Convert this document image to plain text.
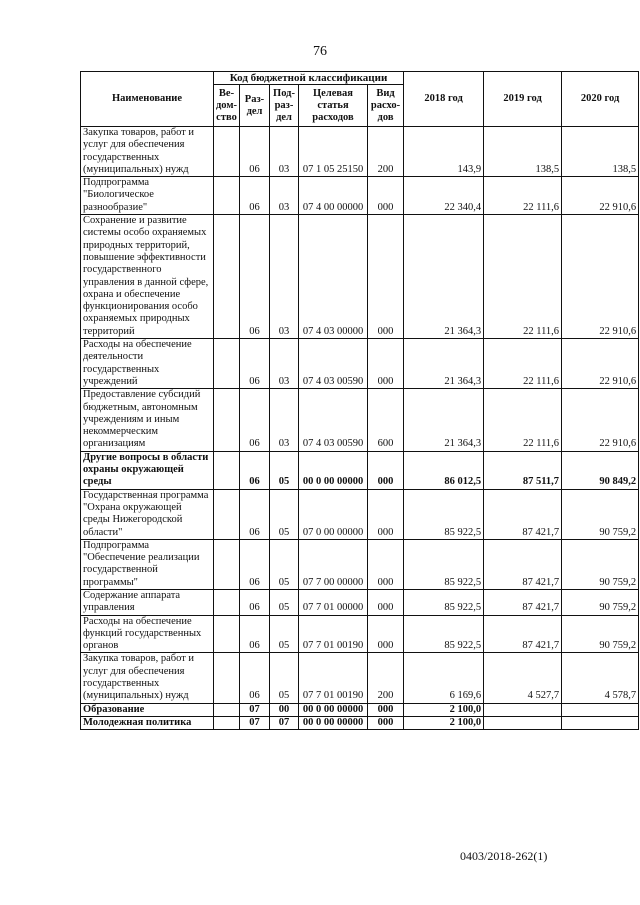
76
Наименование	Код бюджетной классификации					2018 год	2019 год	2020 год
	Ве-дом-ство	Раз-дел	Под-раз-дел	Целевая статья расходов	Вид расхо-дов			
Закупка товаров, работ и услуг для обеспечения государственных (муниципальных) нужд		06	03	07 1 05 25150	200	143,9	138,5	138,5
Подпрограмма "Биологическое разнообразие"		06	03	07 4 00 00000	000	22 340,4	22 111,6	22 910,6
Сохранение и развитие системы особо охраняемых природных территорий, повышение эффективности государственного управления в данной сфере, охрана и обеспечение функционирования особо охраняемых природных территорий		06	03	07 4 03 00000	000	21 364,3	22 111,6	22 910,6
Расходы на обеспечение деятельности государственных учреждений		06	03	07 4 03 00590	000	21 364,3	22 111,6	22 910,6
Предоставление субсидий бюджетным, автономным учреждениям и иным некоммерческим организациям		06	03	07 4 03 00590	600	21 364,3	22 111,6	22 910,6
Другие вопросы в области охраны окружающей среды		06	05	00 0 00 00000	000	86 012,5	87 511,7	90 849,2
Государственная программа "Охрана окружающей среды Нижегородской области"		06	05	07 0 00 00000	000	85 922,5	87 421,7	90 759,2
Подпрограмма "Обеспечение реализации государственной программы"		06	05	07 7 00 00000	000	85 922,5	87 421,7	90 759,2
Содержание аппарата управления		06	05	07 7 01 00000	000	85 922,5	87 421,7	90 759,2
Расходы на обеспечение функций государственных органов		06	05	07 7 01 00190	000	85 922,5	87 421,7	90 759,2
Закупка товаров, работ и услуг для обеспечения государственных (муниципальных) нужд		06	05	07 7 01 00190	200	6 169,6	4 527,7	4 578,7
Образование		07	00	00 0 00 00000	000	2 100,0		
Молодежная политика		07	07	00 0 00 00000	000	2 100,0		
0403/2018-262(1)
